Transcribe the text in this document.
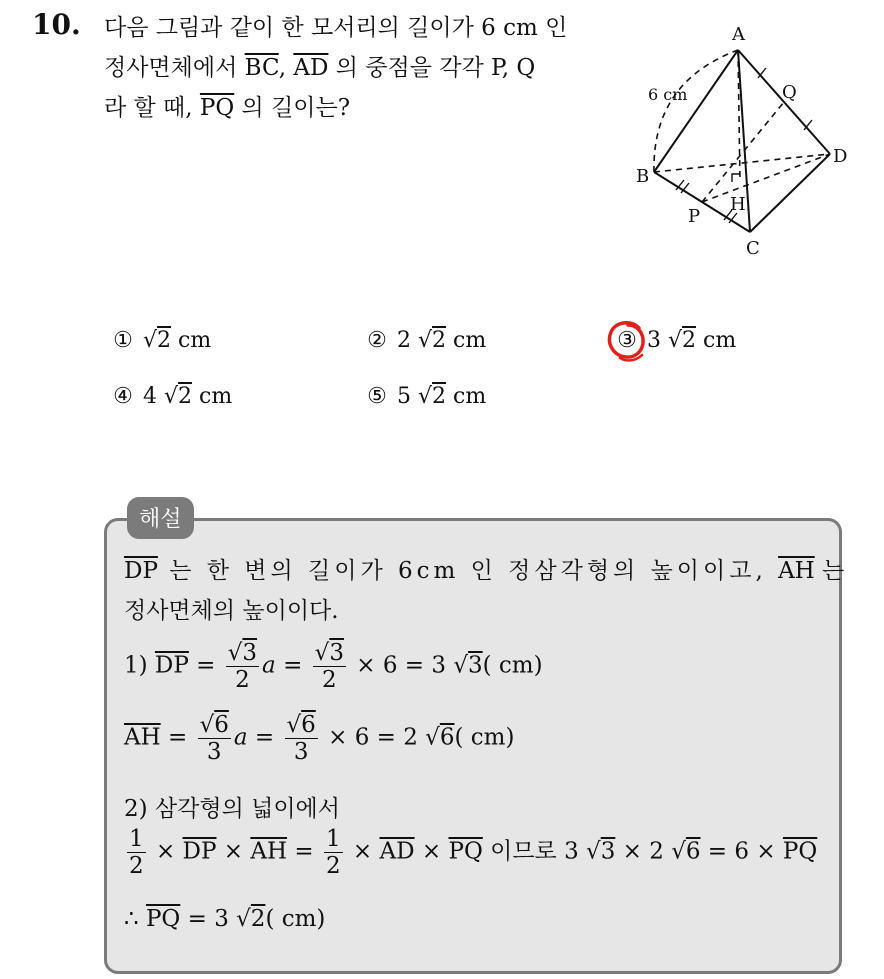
10. 다음 그림과 같이 한 모서리의 길이가 6 cm 인
정사면체에서 $\overline{BC}$, $\overline{AD}$ 의 중점을 각각 P, Q
라 할 때, $\overline{PQ}$ 의 길이는?
A
B
C
D
P
Q
H
6 cm
① √2 cm	② 2 √2 cm	③ 3 √2 cm
④ 4 √2 cm	⑤ 5 √2 cm
해설
$\overline{DP}$ 는 한 변의 길이가 6cm 인 정삼각형의 높이이고, $\overline{AH}$ 는
정사면체의 높이이다.
1) $\overline{DP} = \frac{√3}{2}$ $a = \frac{√3}{2} \times 6 = 3$ √3( cm)
$\overline{AH} = \frac{√6}{3}$ $a = \frac{√6}{3} \times 6 = 2$ √6( cm)
2) 삼각형의 넓이에서
$\frac{1}{2} \times \overline{DP} \times \overline{AH} = \frac{1}{2} \times \overline{AD} \times \overline{PQ}$ 이므로 3 √3 × 2 $√6 = 6 \times \overline{PQ}$
∴ $\overline{PQ} = 3$ √2( cm)
